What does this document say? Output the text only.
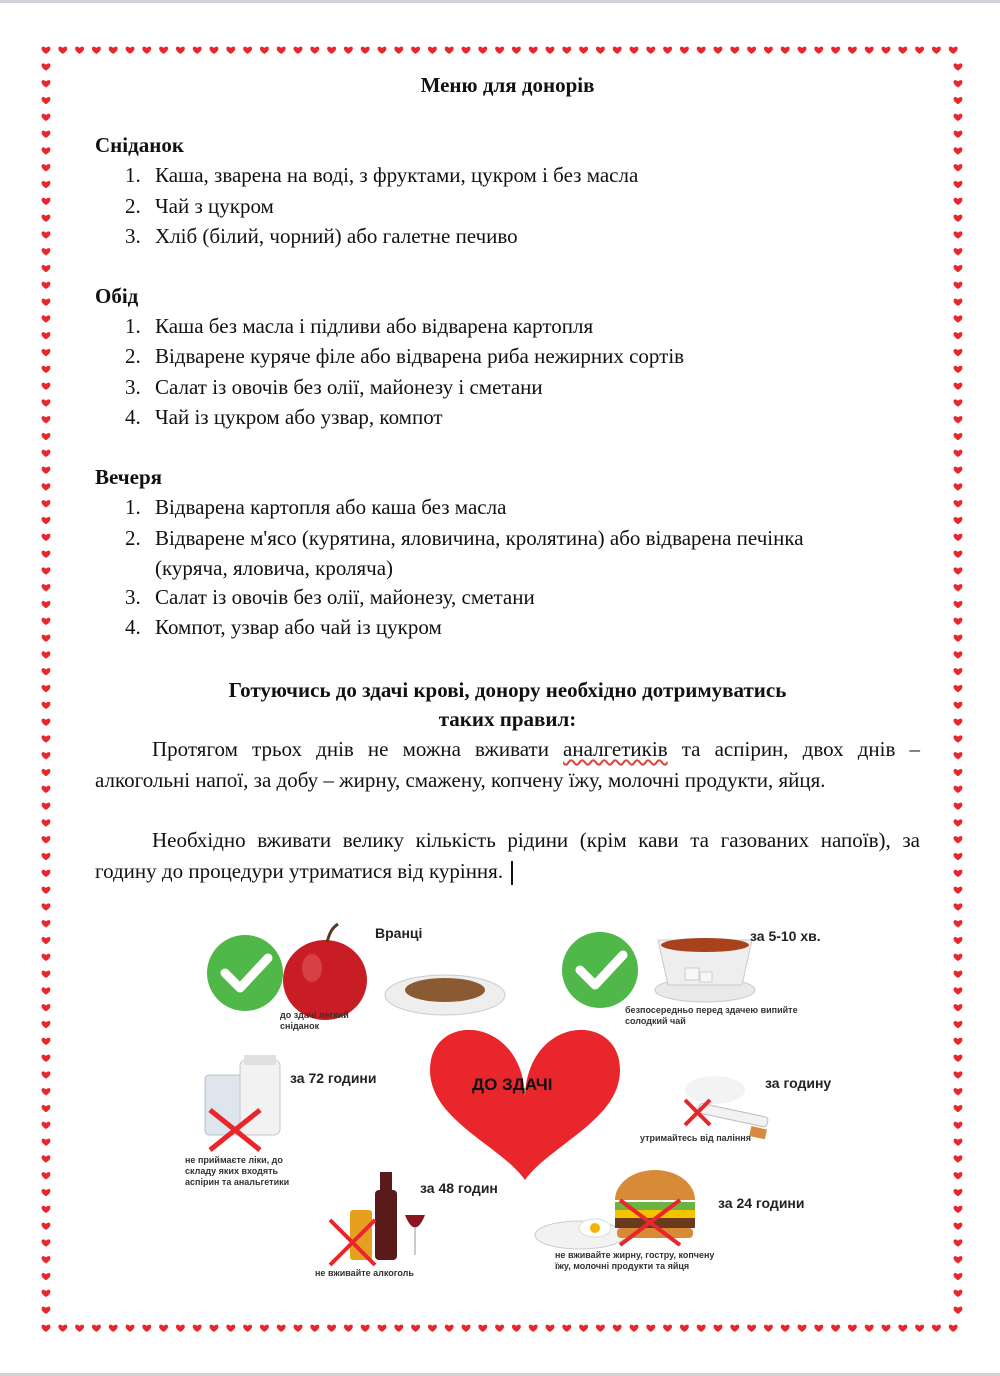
Меню для донорів
Сніданок
1. Каша, зварена на воді, з фруктами, цукром і без масла
2. Чай з цукром
3. Хліб (білий, чорний) або галетне печиво
Обід
1. Каша без масла і підливи або відварена картопля
2. Відварене куряче філе або відварена риба нежирних сортів
3. Салат із овочів без олії, майонезу і сметани
4. Чай із цукром або узвар, компот
Вечеря
1. Відварена картопля або каша без масла
2. Відварене м'ясо (курятина, яловичина, кролятина) або відварена печінка
(куряча, яловича, кроляча)
3. Салат із овочів без олії, майонезу, сметани
4. Компот, узвар або чай із цукром
Готуючись до здачі крові, донору необхідно дотримуватись
таких правил:
Протягом трьох днів не можна вживати аналгетиків та аспірин, двох днів – алкогольні напої, за добу – жирну, смажену, копчену їжу, молочні продукти, яйця.
Необхідно вживати велику кількість рідини (крім кави та газованих напоїв), за годину до процедури утриматися від куріння.
ДО ЗДАЧІ
Вранці
до здачі легкий сніданок
за 5-10 хв.
безпосередньо перед здачею випийте солодкий чай
за 72 години
не приймаєте ліки, до складу яких входять аспірин та анальгетики
за годину
утримайтесь від паління
за 48 годин
не вживайте алкоголь
за 24 години
не вживайте жирну, гостру, копчену їжу, молочні продукти та яйця
